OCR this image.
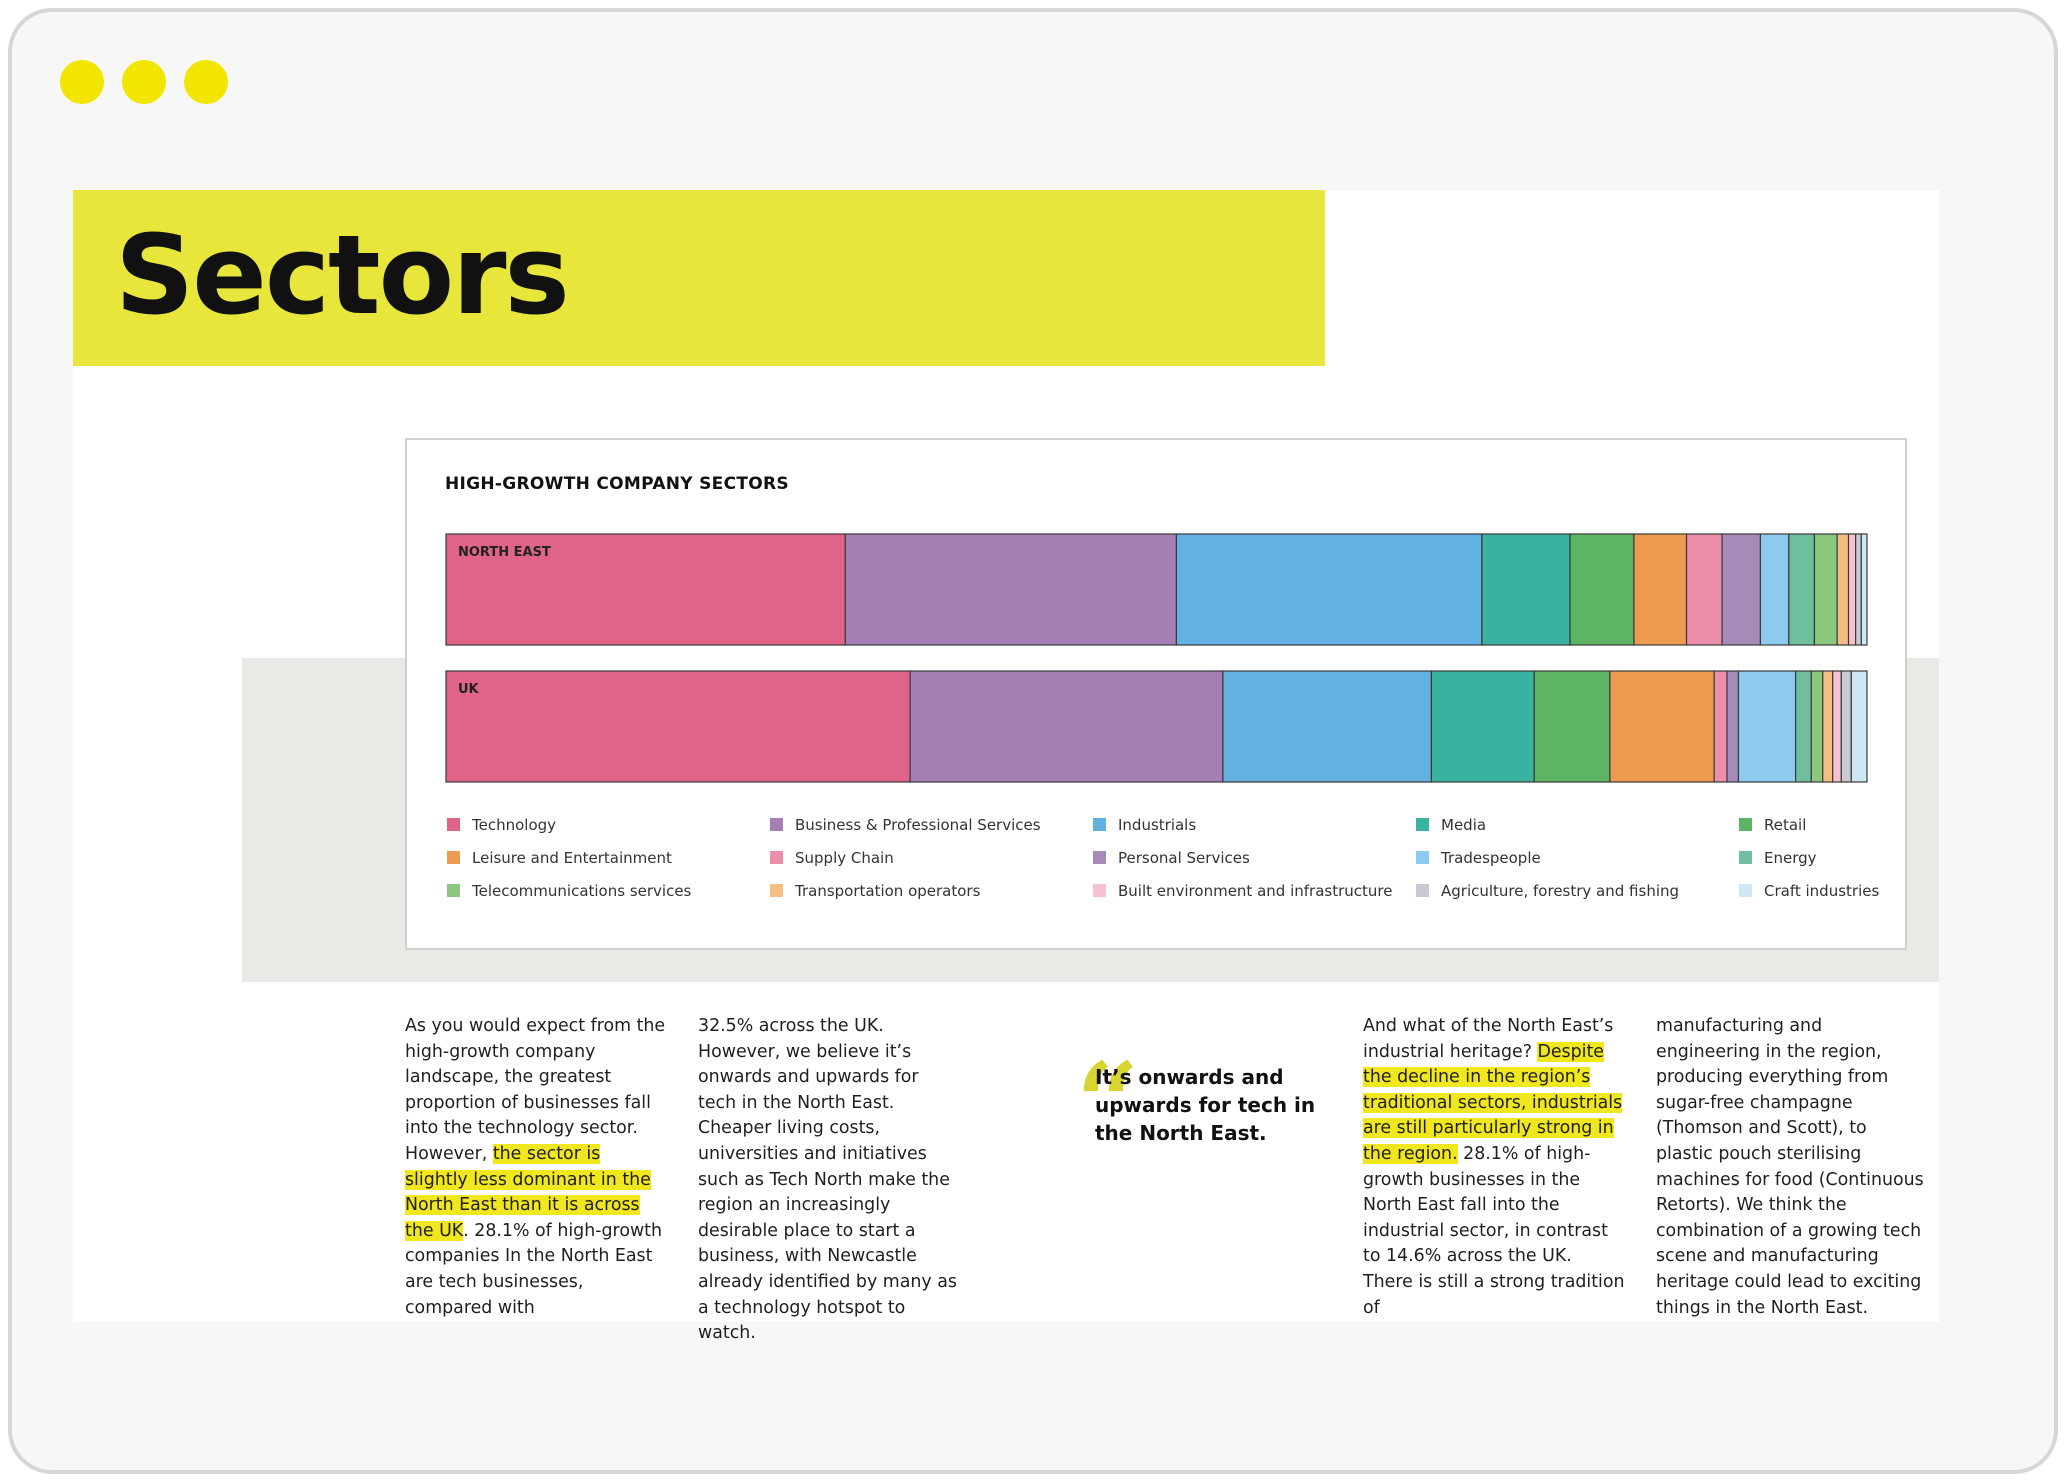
Sectors
HIGH-GROWTH COMPANY SECTORS
NORTH EAST
UK
Technology	Business & Professional Services	Industrials	Media	Retail
Leisure and Entertainment	Supply Chain	Personal Services	Tradespeople	Energy
Telecommunications services	Transportation operators	Built environment and infrastructure	Agriculture, forestry and fishing	Craft industries
As you would expect from the high-growth company landscape, the greatest proportion of businesses fall into the technology sector. However, the sector is slightly less dominant in the North East than it is across the UK. 28.1% of high-growth companies In the North East are tech businesses, compared with
32.5% across the UK. However, we believe it’s onwards and upwards for tech in the North East. Cheaper living costs, universities and initiatives such as Tech North make the region an increasingly desirable place to start a business, with Newcastle already identified by many as a technology hotspot to watch.
“
It’s onwards and upwards for tech in the North East.
And what of the North East’s industrial heritage? Despite the decline in the region’s traditional sectors, industrials are still particularly strong in the region. 28.1% of high-growth businesses in the North East fall into the industrial sector, in contrast to 14.6% across the UK. There is still a strong tradition of
manufacturing and engineering in the region, producing everything from sugar-free champagne (Thomson and Scott), to plastic pouch sterilising machines for food (Continuous Retorts). We think the combination of a growing tech scene and manufacturing heritage could lead to exciting things in the North East.
